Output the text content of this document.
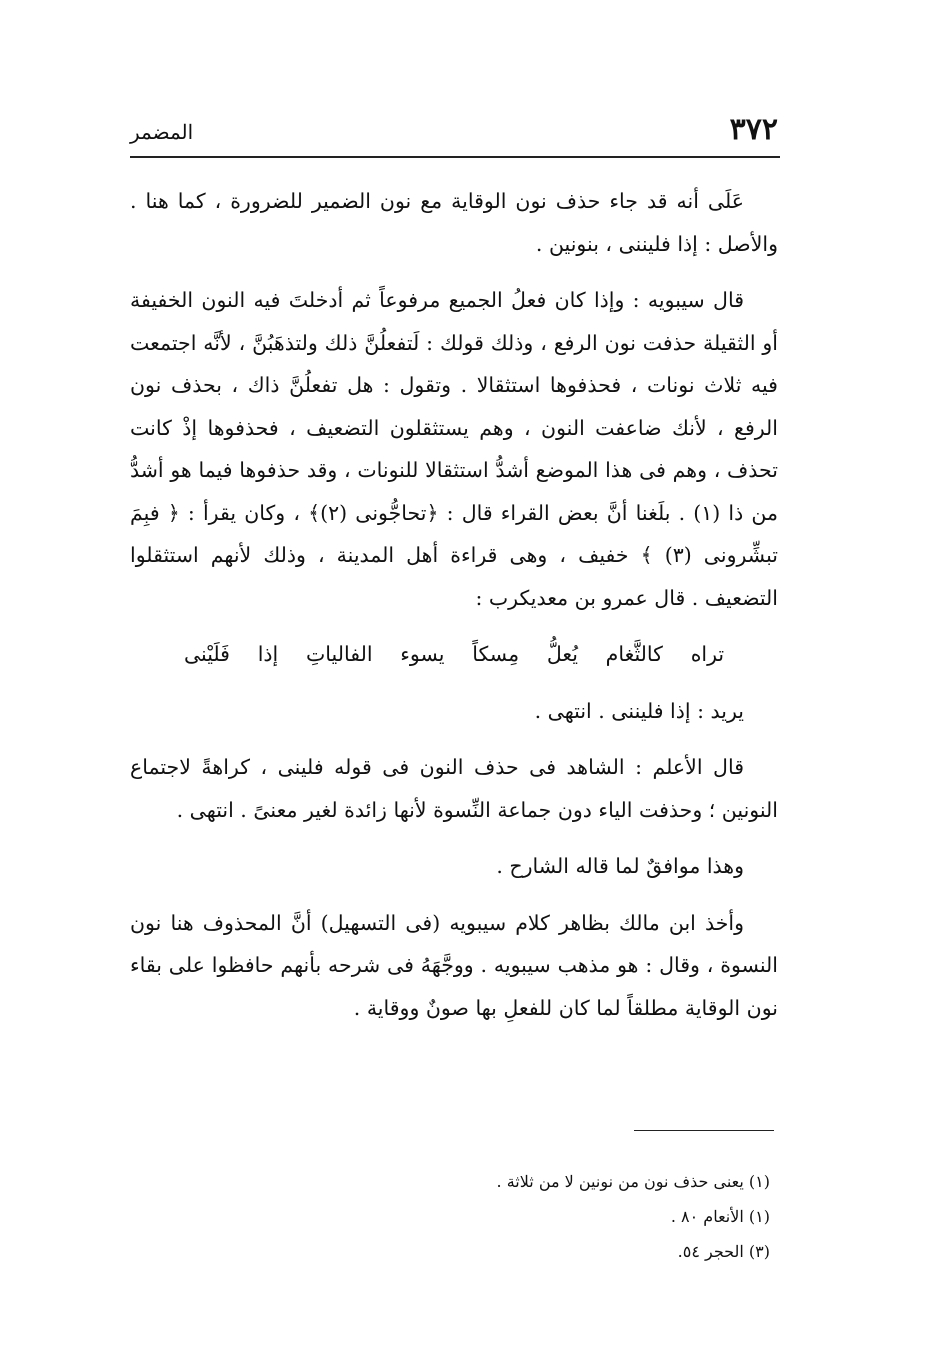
٣٧٢
المضمر

عَلَى أنه قد جاء حذف نون الوقاية مع نون الضمير للضرورة ، كما هنا . والأصل : إذا فليننى ، بنونين .

قال سيبويه : وإذا كان فعلُ الجميع مرفوعاً ثم أدخلتَ فيه النون الخفيفة أو الثقيلة حذفت نون الرفع ، وذلك قولك : لَتفعلُنَّ ذلك ولتذهَبُنَّ ، لأنَّه اجتمعت فيه ثلاث نونات ، فحذفوها استثقالا . وتقول : هل تفعلُنَّ ذاك ، بحذف نون الرفع ، لأنك ضاعفت النون ، وهم يستثقلون التضعيف ، فحذفوها إذْ كانت تحذف ، وهم فى هذا الموضع أشدُّ استثقالا للنونات ، وقد حذفوها فيما هو أشدُّ من ذا (١) . بلَغنا أنَّ بعض القراء قال : ﴿تحاجُّونى (٢)﴾ ، وكان يقرأ : ﴿ فبِمَ تبشِّرونى (٣) ﴾ خفيف ، وهى قراءة أهل المدينة ، وذلك لأنهم استثقلوا التضعيف . قال عمرو بن معديكرب :

تراه
كالثَّغام
يُعلُّ
مِسكاً
يسوء
الفالياتِ
إذا
فَلَيْنى

يريد : إذا فليننى . انتهى .

قال الأعلم : الشاهد فى حذف النون فى قوله فلينى ، كراهةً لاجتماع النونين ؛ وحذفت الياء دون جماعة النِّسوة لأنها زائدة لغير معنىً . انتهى .

وهذا موافقٌ لما قاله الشارح .

وأخذ ابن مالك بظاهر كلام سيبويه (فى التسهيل) أنَّ المحذوف هنا نون النسوة ، وقال : هو مذهب سيبويه . ووجَّهَهُ فى شرحه بأنهم حافظوا على بقاء نون الوقاية مطلقاً لما كان للفعلِ بها صونٌ ووقاية .

(١) يعنى حذف نون من نونين لا من ثلاثة .
(١) الأنعام ٨٠ .
(٣) الحجر ٥٤.
